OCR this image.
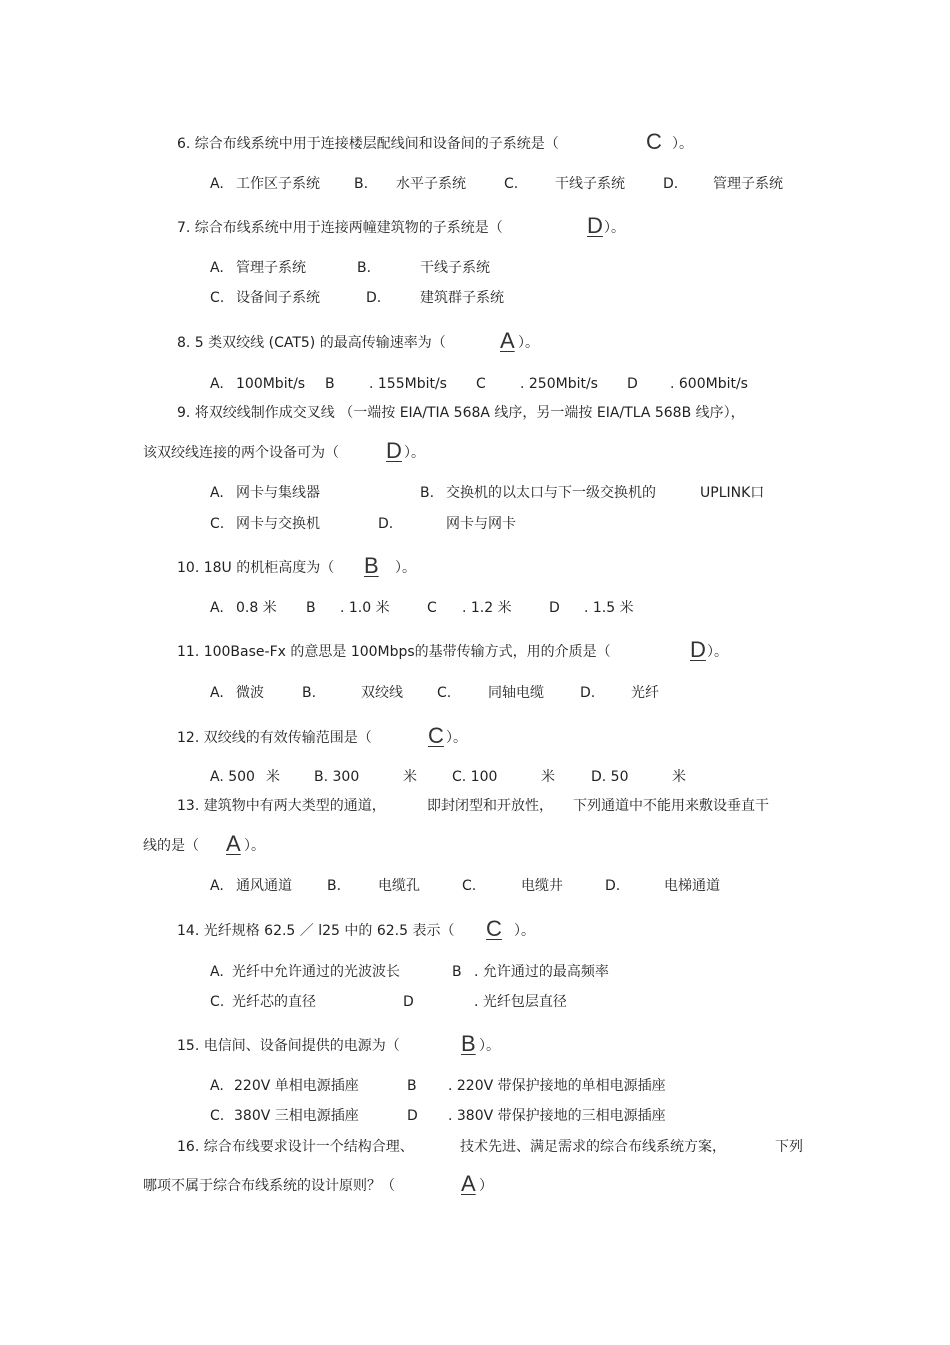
6. 综合布线系统中用于连接楼层配线间和设备间的子系统是（	C ）。
A. 工作区子系统 B. 水平子系统	C.	干线子系统	D. 管理子系统
7. 综合布线系统中用于连接两幢建筑物的子系统是（	D ）。
A. 管理子系统	B.	干线子系统
C. 设备间子系统	D.	建筑群子系统
8. 5 类双绞线 (CAT5) 的最高传输速率为（ A ）。
A. 100Mbit/s B . 155Mbit/s C . 250Mbit/s D . 600Mbit/s
9. 将双绞线制作成交叉线 （一端按 EIA/TIA 568A 线序，另一端按 EIA/TLA 568B 线序），
该双绞线连接的两个设备可为（ D ）。
A. 网卡与集线器	B. 交换机的以太口与下一级交换机的	UPLINK口
C. 网卡与交换机	D.	网卡与网卡
10. 18U 的机柜高度为（ B ）。
A. 0.8 米 B . 1.0 米	C . 1.2 米	D . 1.5 米
11. 100Base-Fx 的意思是 100Mbps的基带传输方式，用的介质是（	D ）。
A. 微波	B.	双绞线 C.	同轴电缆	D.	光纤
12. 双绞线的有效传输范围是（	C ）。
A. 500 米 B. 300	米	C. 100	米	D. 50	米
13. 建筑物中有两大类型的通道，	即封闭型和开放性， 下列通道中不能用来敷设垂直干
线的是（ A ）。
A. 通风通道	B.	电缆孔	C.	电缆井	D.	电梯通道
14. 光纤规格 62.5 ／ l25 中的 62.5 表示（ C ）。
A. 光纤中允许通过的光波波长	B . 允许通过的最高频率
C. 光纤芯的直径	D	. 光纤包层直径
15. 电信间、设备间提供的电源为（	B ）。
A. 220V 单相电源插座	B . 220V 带保护接地的单相电源插座
C. 380V 三相电源插座	D . 380V 带保护接地的三相电源插座
16. 综合布线要求设计一个结构合理、	技术先进、满足需求的综合布线系统方案，	下列
哪项不属于综合布线系统的设计原则？（	A ）
